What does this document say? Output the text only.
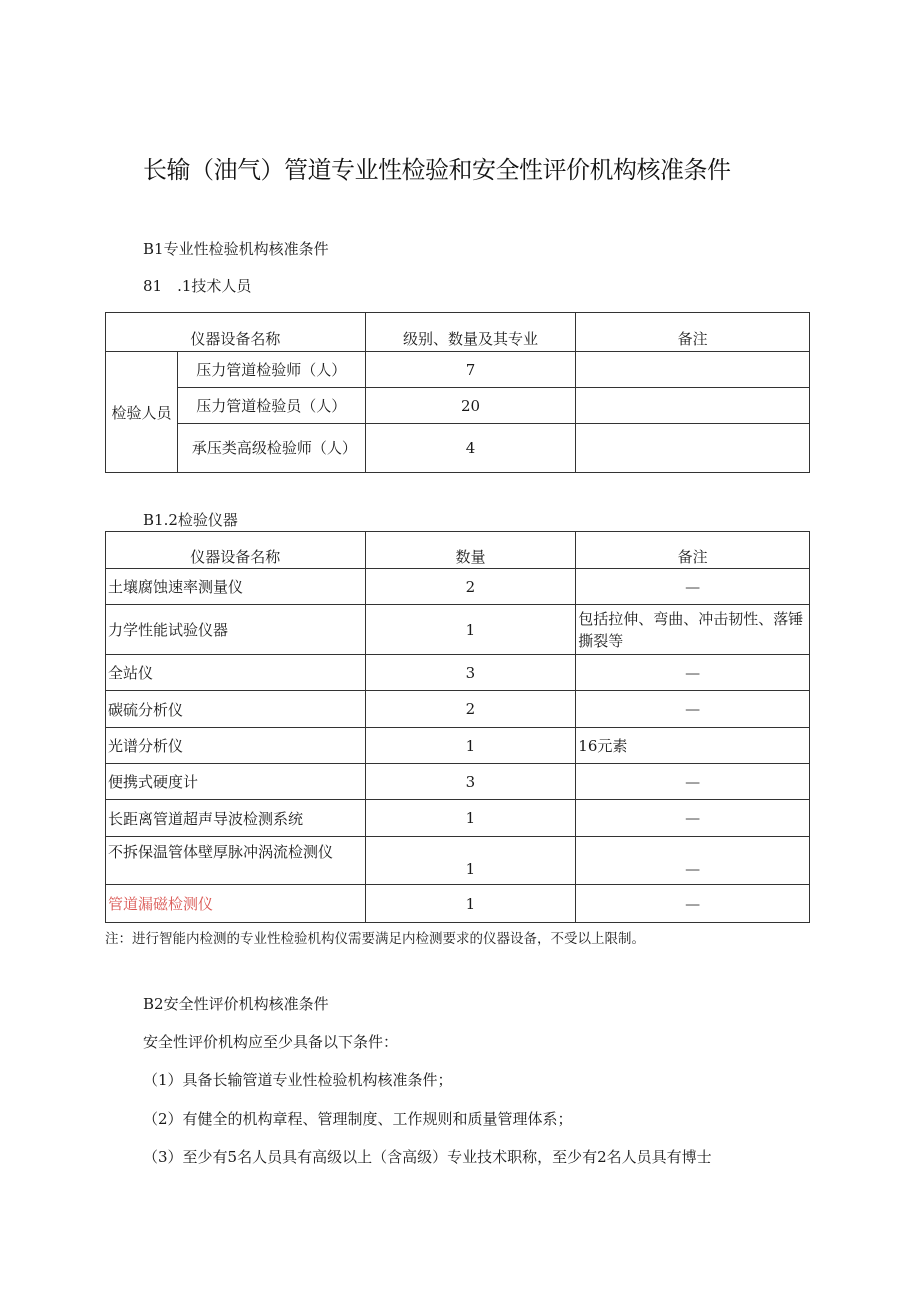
长输（油气）管道专业性检验和安全性评价机构核准条件
B1专业性检验机构核准条件
81　.1技术人员
仪器设备名称		级别、数量及其专业	备注
检验人员	压力管道检验师（人）	7	
	压力管道检验员（人）	20	
	承压类高级检验师（人）	4	
B1.2检验仪器
仪器设备名称	数量	备注
土壤腐蚀速率测量仪	2	—
力学性能试验仪器	1	包括拉伸、弯曲、冲击韧性、落锤撕裂等
全站仪	3	—
碳硫分析仪	2	—
光谱分析仪	1	16元素
便携式硬度计	3	—
长距离管道超声导波检测系统	1	—
不拆保温管体壁厚脉冲涡流检测仪	1	—
管道漏磁检测仪	1	—
注：进行智能内检测的专业性检验机构仪需要满足内检测要求的仪器设备，不受以上限制。
B2安全性评价机构核准条件
安全性评价机构应至少具备以下条件：
（1）具备长输管道专业性检验机构核准条件；
（2）有健全的机构章程、管理制度、工作规则和质量管理体系；
（3）至少有5名人员具有高级以上（含高级）专业技术职称，至少有2名人员具有博士
